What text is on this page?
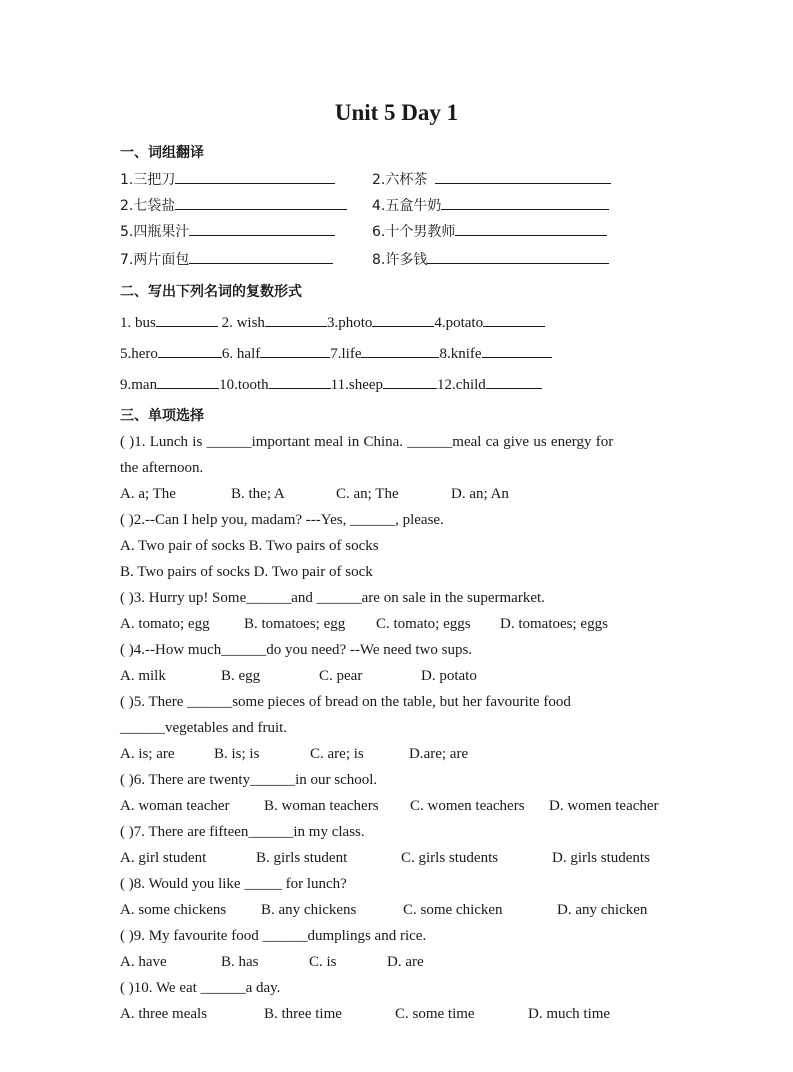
Unit 5 Day 1
一、词组翻译
1.三把刀	2.六杯茶
2.七袋盐	4.五盒牛奶
5.四瓶果汁	6.十个男教师
7.两片面包	8.许多钱
二、写出下列名词的复数形式
1. bus	2. wish	3.photo	4.potato
5.hero	6. half	7.life	8.knife
9.man	10.tooth	11.sheep	12.child
三、单项选择
( )1. Lunch is ______important meal in China. ______meal ca give us energy for
the afternoon.
A. a; The	B. the; A	C. an; The	D. an; An
( )2.--Can I help you, madam? ---Yes, ______, please.
A. Two pair of socks B. Two pairs of socks
B. Two pairs of socks D. Two pair of sock
( )3. Hurry up! Some______and ______are on sale in the supermarket.
A. tomato; egg B. tomatoes; egg C. tomato; eggs D. tomatoes; eggs
( )4.--How much______do you need? --We need two sups.
A. milk	B. egg	C. pear	D. potato
( )5. There ______some pieces of bread on the table, but her favourite food
______vegetables and fruit.
A. is; are	B. is; is	C. are; is	D.are; are
( )6. There are twenty______in our school.
A. woman teacher B. woman teachers C. women teachers D. women teacher
( )7. There are fifteen______in my class.
A. girl student	B. girls student	C. girls students	D. girls students
( )8. Would you like _____ for lunch?
A. some chickens B. any chickens	C. some chicken	D. any chicken
( )9. My favourite food ______dumplings and rice.
A. have	B. has	C. is	D. are
( )10. We eat ______a day.
A. three meals	B. three time	C. some time	D. much time
